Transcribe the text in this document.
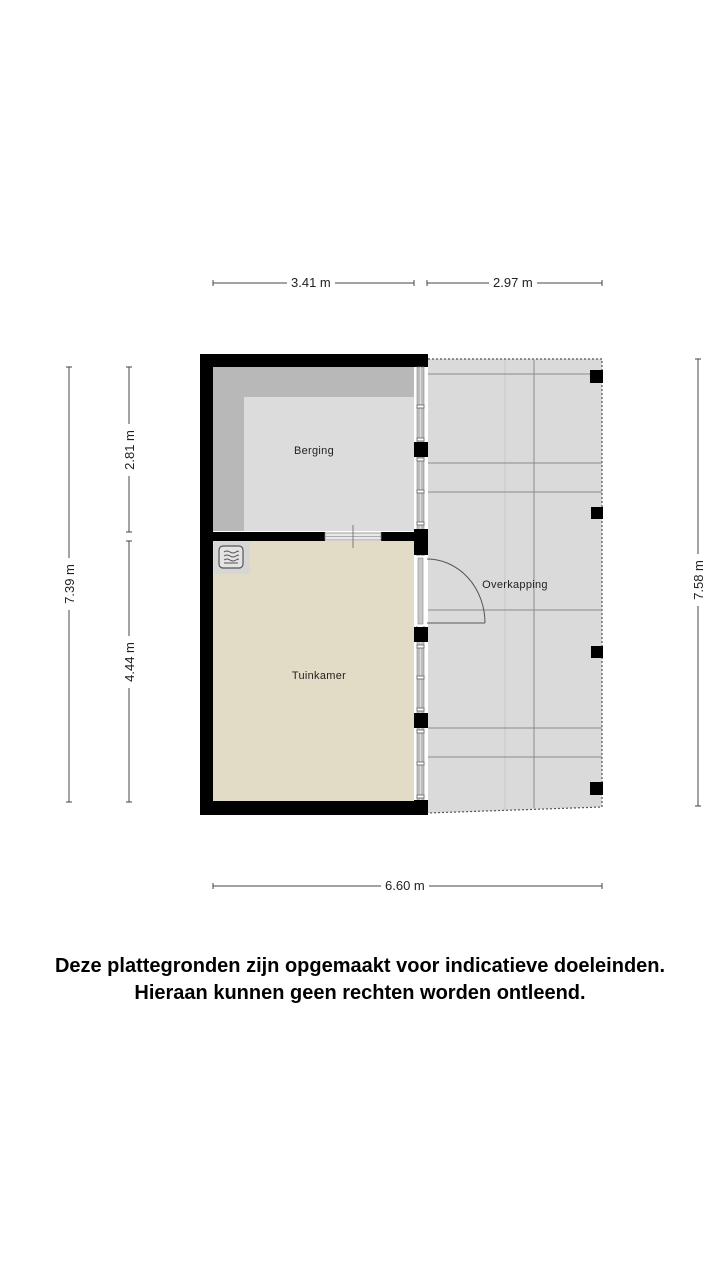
Berging
Tuinkamer
Overkapping
3.41 m	2.97 m
6.60 m
7.39 m
2.81 m
4.44 m
7.58 m
Deze plattegronden zijn opgemaakt voor indicatieve doeleinden.
Hieraan kunnen geen rechten worden ontleend.
